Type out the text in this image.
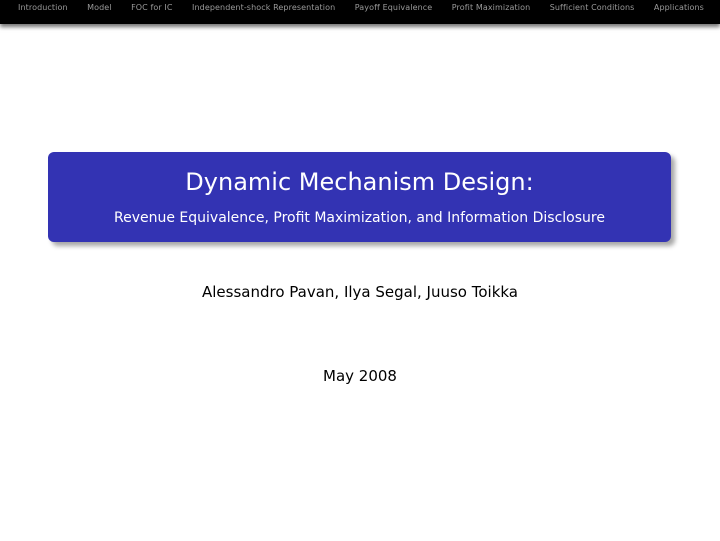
Introduction Model FOC for IC Independent-shock Representation Payoff Equivalence Profit Maximization Sufficient Conditions Applications
Dynamic Mechanism Design:
Revenue Equivalence, Profit Maximization, and Information Disclosure
Alessandro Pavan, Ilya Segal, Juuso Toikka
May 2008
